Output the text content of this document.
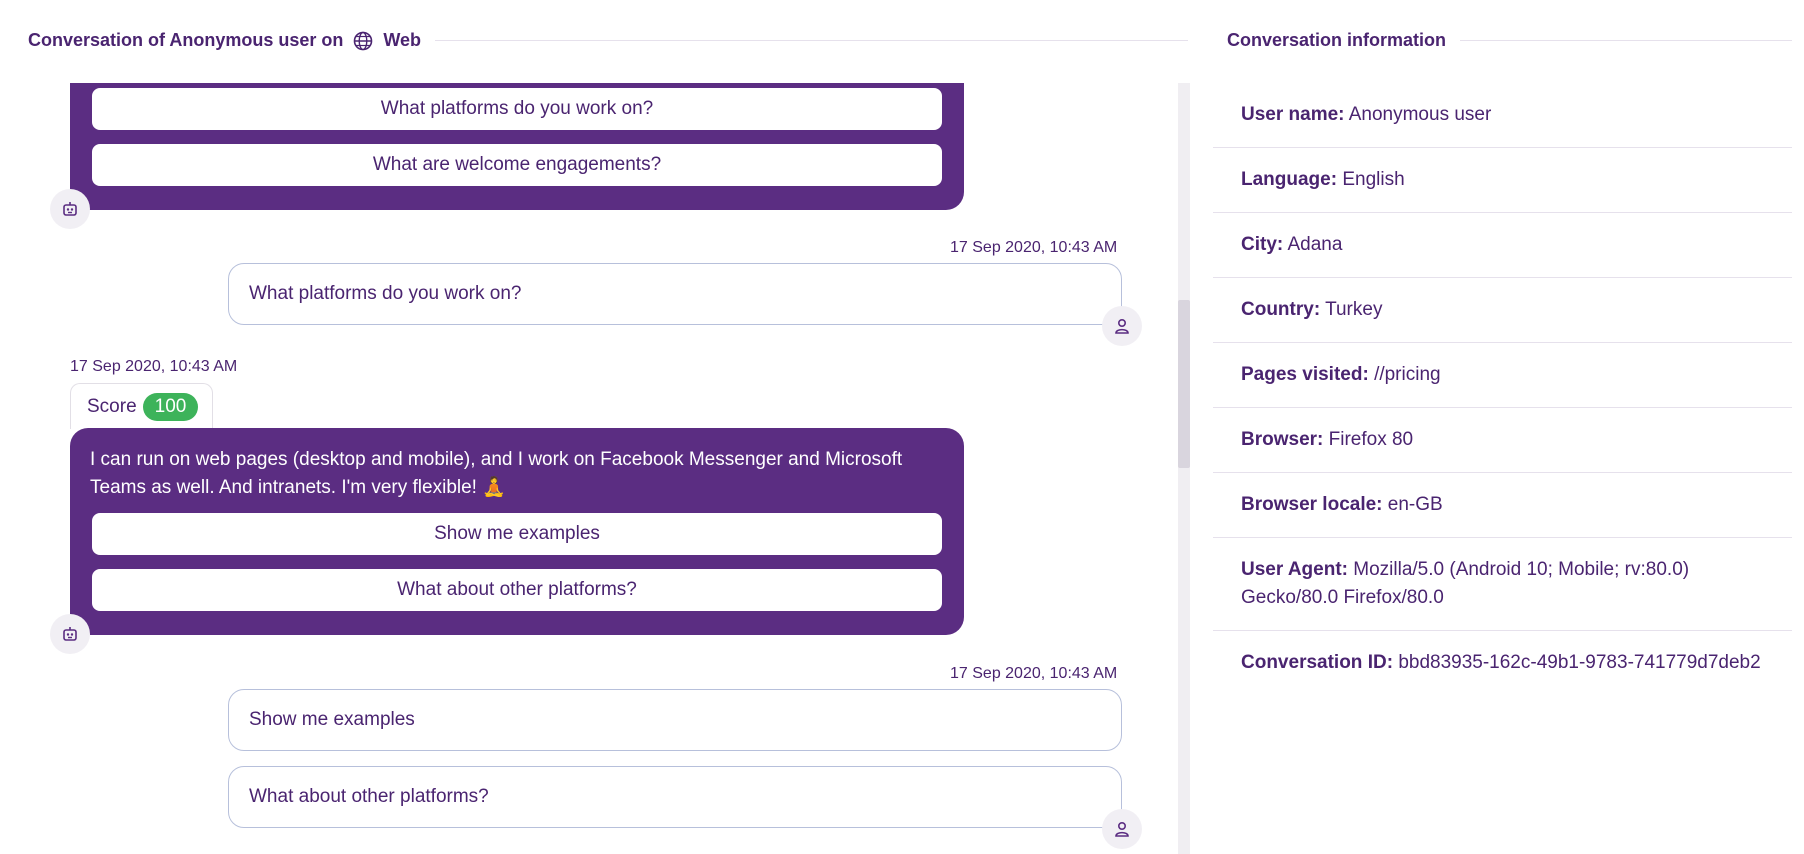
Conversation of Anonymous user on Web	Conversation information
What platforms do you work on?
What are welcome engagements?
17 Sep 2020, 10:43 AM
What platforms do you work on?
17 Sep 2020, 10:43 AM
Score 100
I can run on web pages (desktop and mobile), and I work on Facebook Messenger and Microsoft Teams as well. And intranets. I'm very flexible! 🧘
Show me examples
What about other platforms?
17 Sep 2020, 10:43 AM
Show me examples
What about other platforms?
User name: Anonymous user
Language: English
City: Adana
Country: Turkey
Pages visited: //pricing
Browser: Firefox 80
Browser locale: en-GB
User Agent: Mozilla/5.0 (Android 10; Mobile; rv:80.0) Gecko/80.0 Firefox/80.0
Conversation ID: bbd83935-162c-49b1-9783-741779d7deb2
